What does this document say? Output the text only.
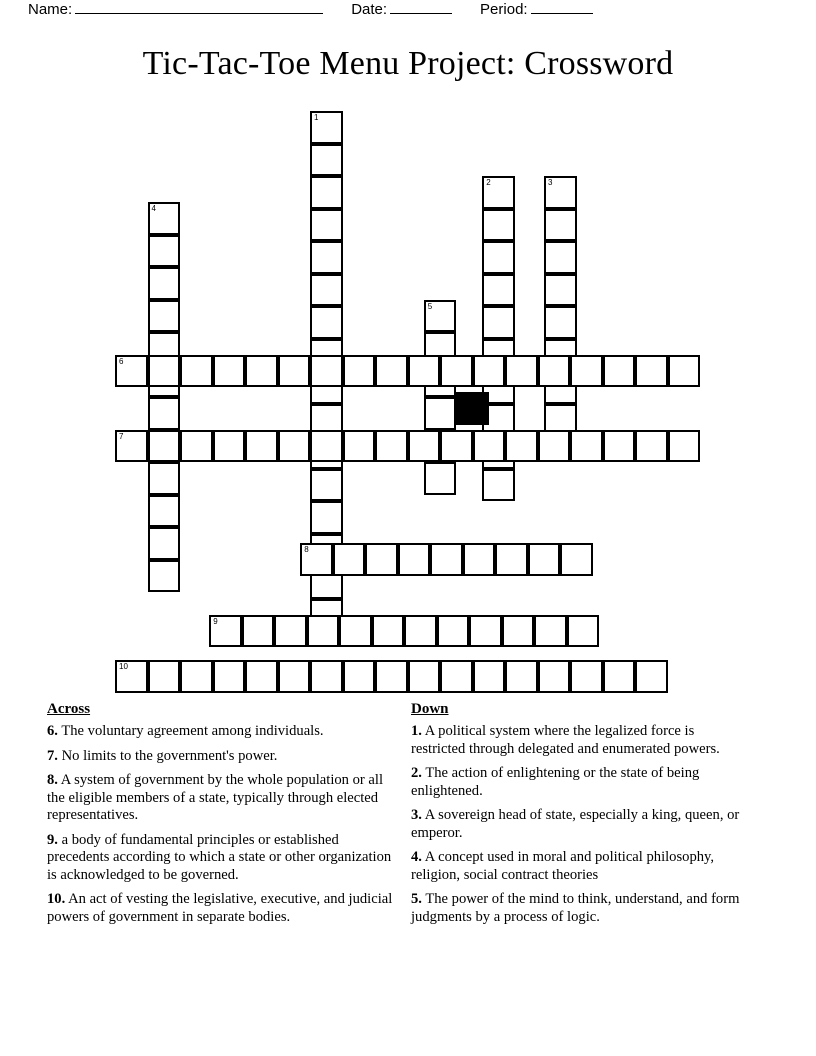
Name:	Date:	Period:
Tic-Tac-Toe Menu Project: Crossword
1
2	3
4
5
6
7
8
9
10
Across

6. The voluntary agreement among individuals.

7. No limits to the government's power.

8. A system of government by the whole population or all the eligible members of a state, typically through elected representatives.

9. a body of fundamental principles or established precedents according to which a state or other organization is acknowledged to be governed.

10. An act of vesting the legislative, executive, and judicial powers of government in separate bodies.

Down

1. A political system where the legalized force is restricted through delegated and enumerated powers.

2. The action of enlightening or the state of being enlightened.

3. A sovereign head of state, especially a king, queen, or emperor.

4. A concept used in moral and political philosophy, religion, social contract theories

5. The power of the mind to think, understand, and form judgments by a process of logic.
